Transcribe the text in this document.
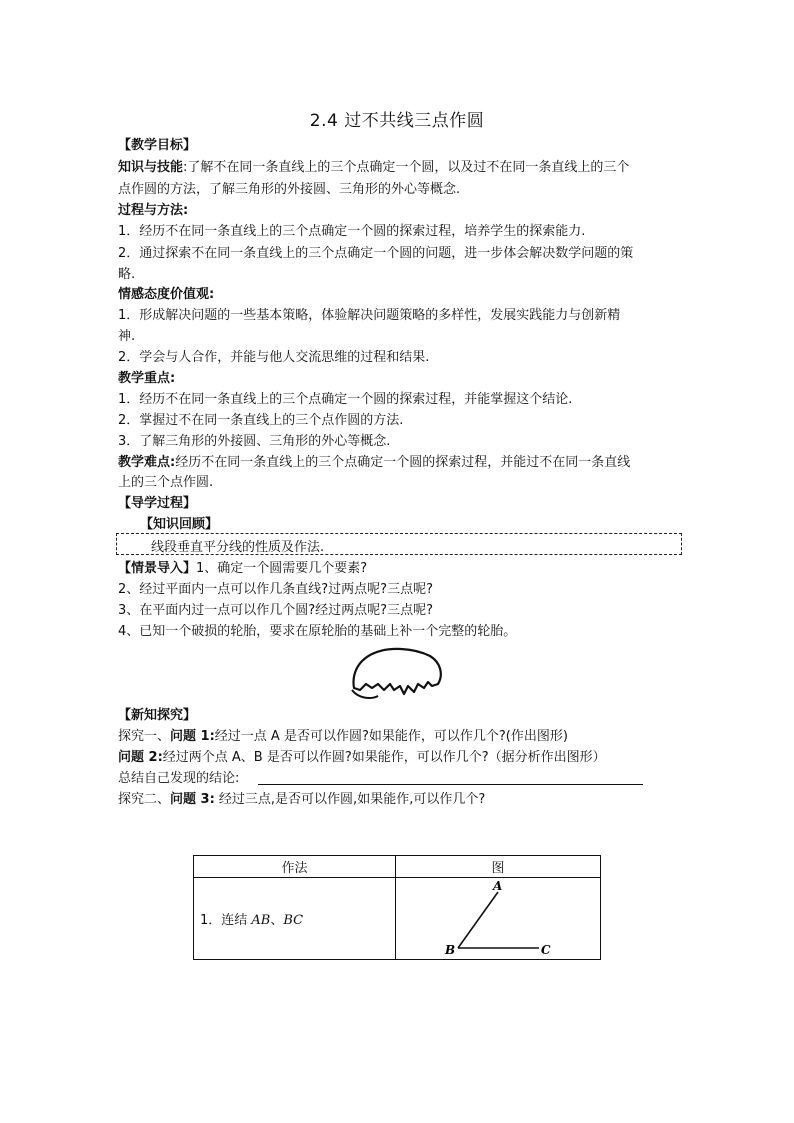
2.4 过不共线三点作圆
【教学目标】
知识与技能:了解不在同一条直线上的三个点确定一个圆，以及过不在同一条直线上的三个
点作圆的方法，了解三角形的外接圆、三角形的外心等概念.
过程与方法:
1．经历不在同一条直线上的三个点确定一个圆的探索过程，培养学生的探索能力.
2．通过探索不在同一条直线上的三个点确定一个圆的问题，进一步体会解决数学问题的策
略.
情感态度价值观:
1．形成解决问题的一些基本策略，体验解决问题策略的多样性，发展实践能力与创新精
神.
2．学会与人合作，并能与他人交流思维的过程和结果.
教学重点:
1．经历不在同一条直线上的三个点确定一个圆的探索过程，并能掌握这个结论.
2．掌握过不在同一条直线上的三个点作圆的方法.
3．了解三角形的外接圆、三角形的外心等概念.
教学难点:经历不在同一条直线上的三个点确定一个圆的探索过程，并能过不在同一条直线
上的三个点作圆.
【导学过程】
【知识回顾】
线段垂直平分线的性质及作法.
【情景导入】1、确定一个圆需要几个要素?
2、经过平面内一点可以作几条直线?过两点呢?三点呢?
3、在平面内过一点可以作几个圆?经过两点呢?三点呢?
4、已知一个破损的轮胎，要求在原轮胎的基础上补一个完整的轮胎。
【新知探究】
探究一、问题 1:经过一点 A 是否可以作圆?如果能作，可以作几个?(作出图形)
问题 2:经过两个点 A、B 是否可以作圆?如果能作，可以作几个?（据分析作出图形）
总结自己发现的结论:
探究二、问题 3: 经过三点,是否可以作圆,如果能作,可以作几个?
作法	图
1．连结 AB、BC	A
B C
